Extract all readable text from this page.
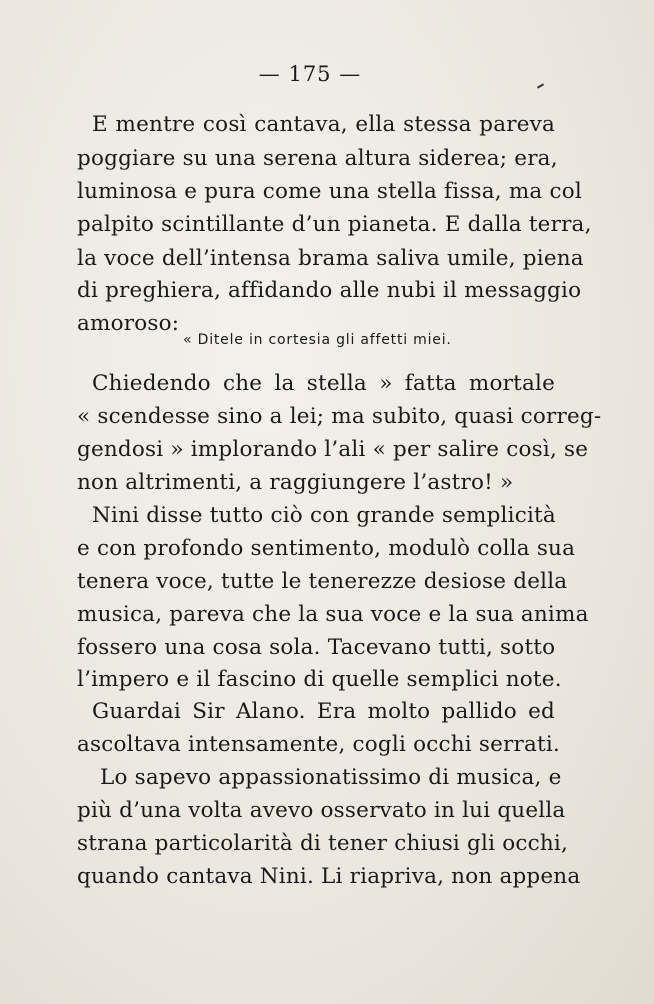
— 175 —
E mentre così cantava, ella stessa pareva
poggiare su una serena altura siderea; era,
luminosa e pura come una stella fissa, ma col
palpito scintillante d’un pianeta. E dalla terra,
la voce dell’intensa brama saliva umile, piena
di preghiera, affidando alle nubi il messaggio
amoroso:
« Ditele in cortesia gli affetti miei.
Chiedendo che la stella » fatta mortale
« scendesse sino a lei; ma subito, quasi correg-
gendosi » implorando l’ali « per salire così, se
non altrimenti, a raggiungere l’astro! »
Nini disse tutto ciò con grande semplicità
e con profondo sentimento, modulò colla sua
tenera voce, tutte le tenerezze desiose della
musica, pareva che la sua voce e la sua anima
fossero una cosa sola. Tacevano tutti, sotto
l’impero e il fascino di quelle semplici note.
Guardai Sir Alano. Era molto pallido ed
ascoltava intensamente, cogli occhi serrati.
Lo sapevo appassionatissimo di musica, e
più d’una volta avevo osservato in lui quella
strana particolarità di tener chiusi gli occhi,
quando cantava Nini. Li riapriva, non appena
